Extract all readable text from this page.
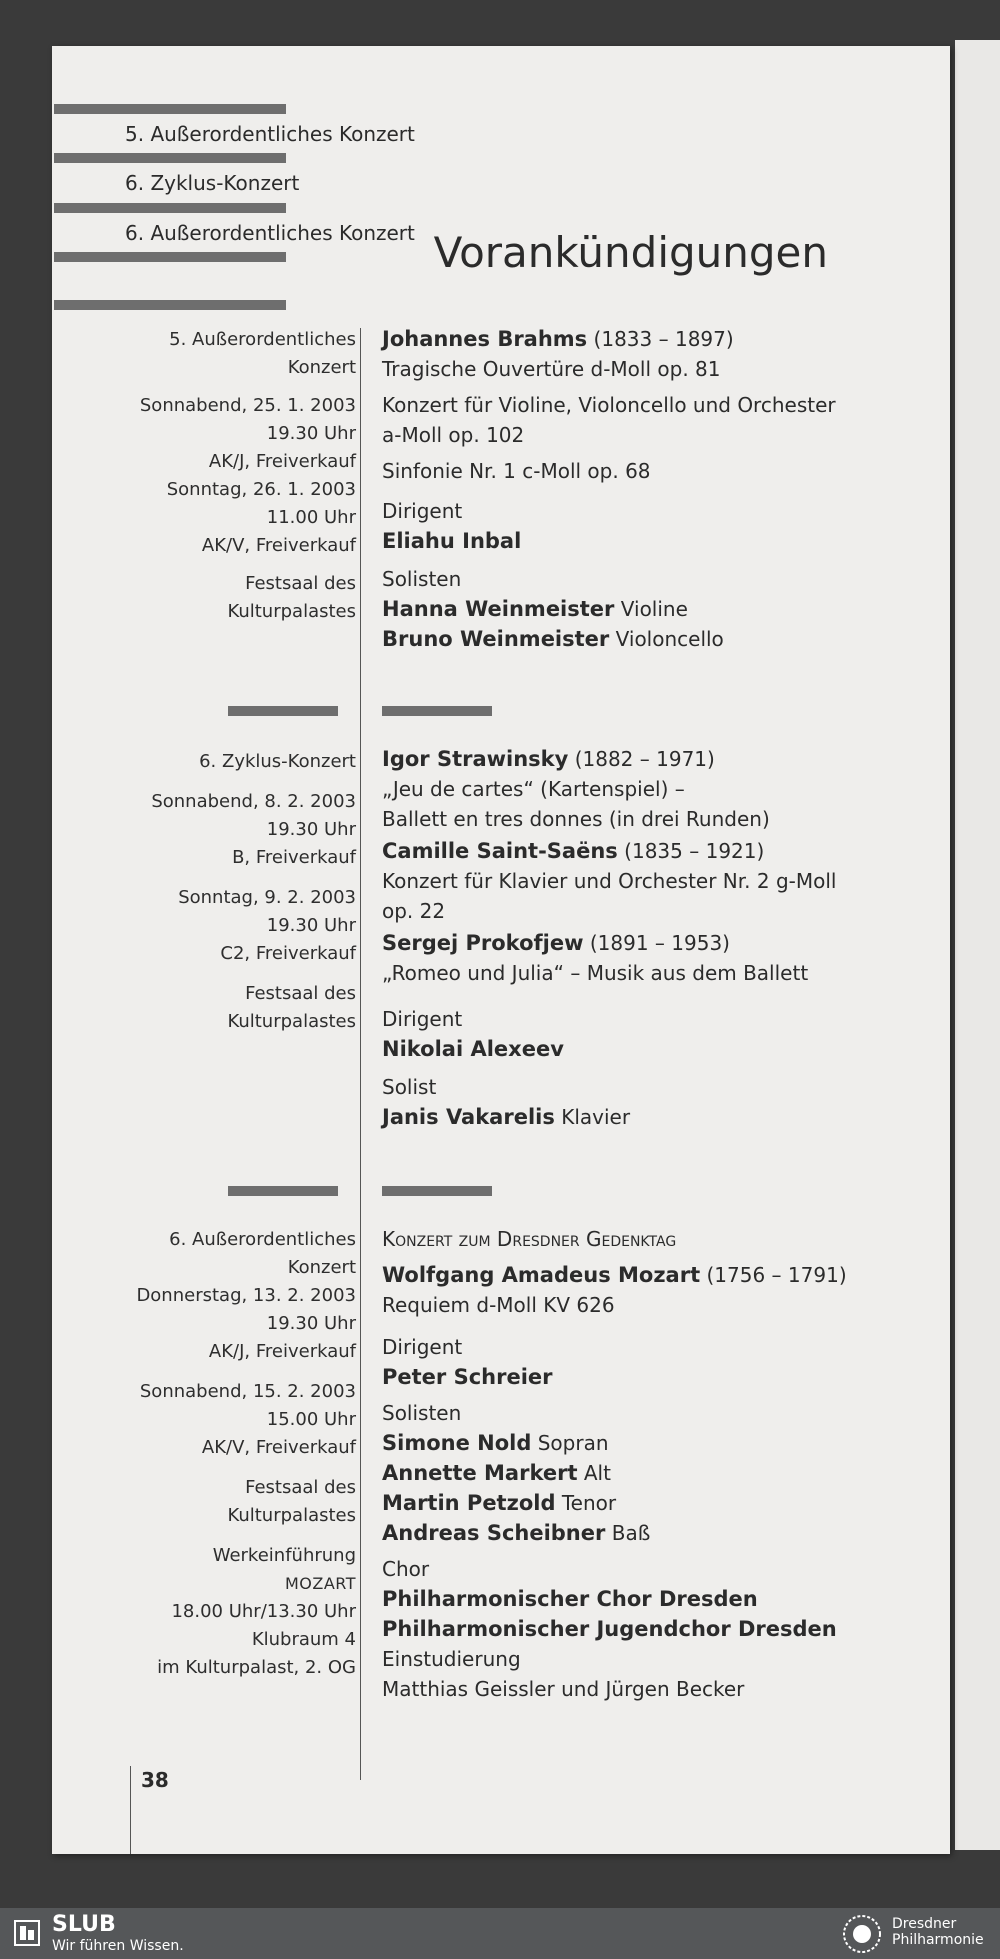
5. Außerordentliches Konzert
6. Zyklus-Konzert
6. Außerordentliches Konzert Vorankündigungen
5. Außerordentliches
Konzert
Sonnabend, 25. 1. 2003
19.30 Uhr
AK/J, Freiverkauf
Sonntag, 26. 1. 2003
11.00 Uhr
AK/V, Freiverkauf
Festsaal des
Kulturpalastes
Johannes Brahms (1833 – 1897)
Tragische Ouvertüre d-Moll op. 81
Konzert für Violine, Violoncello und Orchester
a-Moll op. 102
Sinfonie Nr. 1 c-Moll op. 68
Dirigent
Eliahu Inbal
Solisten
Hanna Weinmeister Violine
Bruno Weinmeister Violoncello
6. Zyklus-Konzert
Sonnabend, 8. 2. 2003
19.30 Uhr
B, Freiverkauf
Sonntag, 9. 2. 2003
19.30 Uhr
C2, Freiverkauf
Festsaal des
Kulturpalastes
Igor Strawinsky (1882 – 1971)
„Jeu de cartes“ (Kartenspiel) –
Ballett en tres donnes (in drei Runden)
Camille Saint-Saëns (1835 – 1921)
Konzert für Klavier und Orchester Nr. 2 g-Moll
op. 22
Sergej Prokofjew (1891 – 1953)
„Romeo und Julia“ – Musik aus dem Ballett
Dirigent
Nikolai Alexeev
Solist
Janis Vakarelis Klavier
6. Außerordentliches
Konzert
Donnerstag, 13. 2. 2003
19.30 Uhr
AK/J, Freiverkauf
Sonnabend, 15. 2. 2003
15.00 Uhr
AK/V, Freiverkauf
Festsaal des
Kulturpalastes
Werkeinführung
MOZART
18.00 Uhr/13.30 Uhr
Klubraum 4
im Kulturpalast, 2. OG
Konzert zum Dresdner Gedenktag
Wolfgang Amadeus Mozart (1756 – 1791)
Requiem d-Moll KV 626
Dirigent
Peter Schreier
Solisten
Simone Nold Sopran
Annette Markert Alt
Martin Petzold Tenor
Andreas Scheibner Baß
Chor
Philharmonischer Chor Dresden
Philharmonischer Jugendchor Dresden
Einstudierung
Matthias Geissler und Jürgen Becker
38
SLUB
Wir führen Wissen.
Dresdner
Philharmonie
